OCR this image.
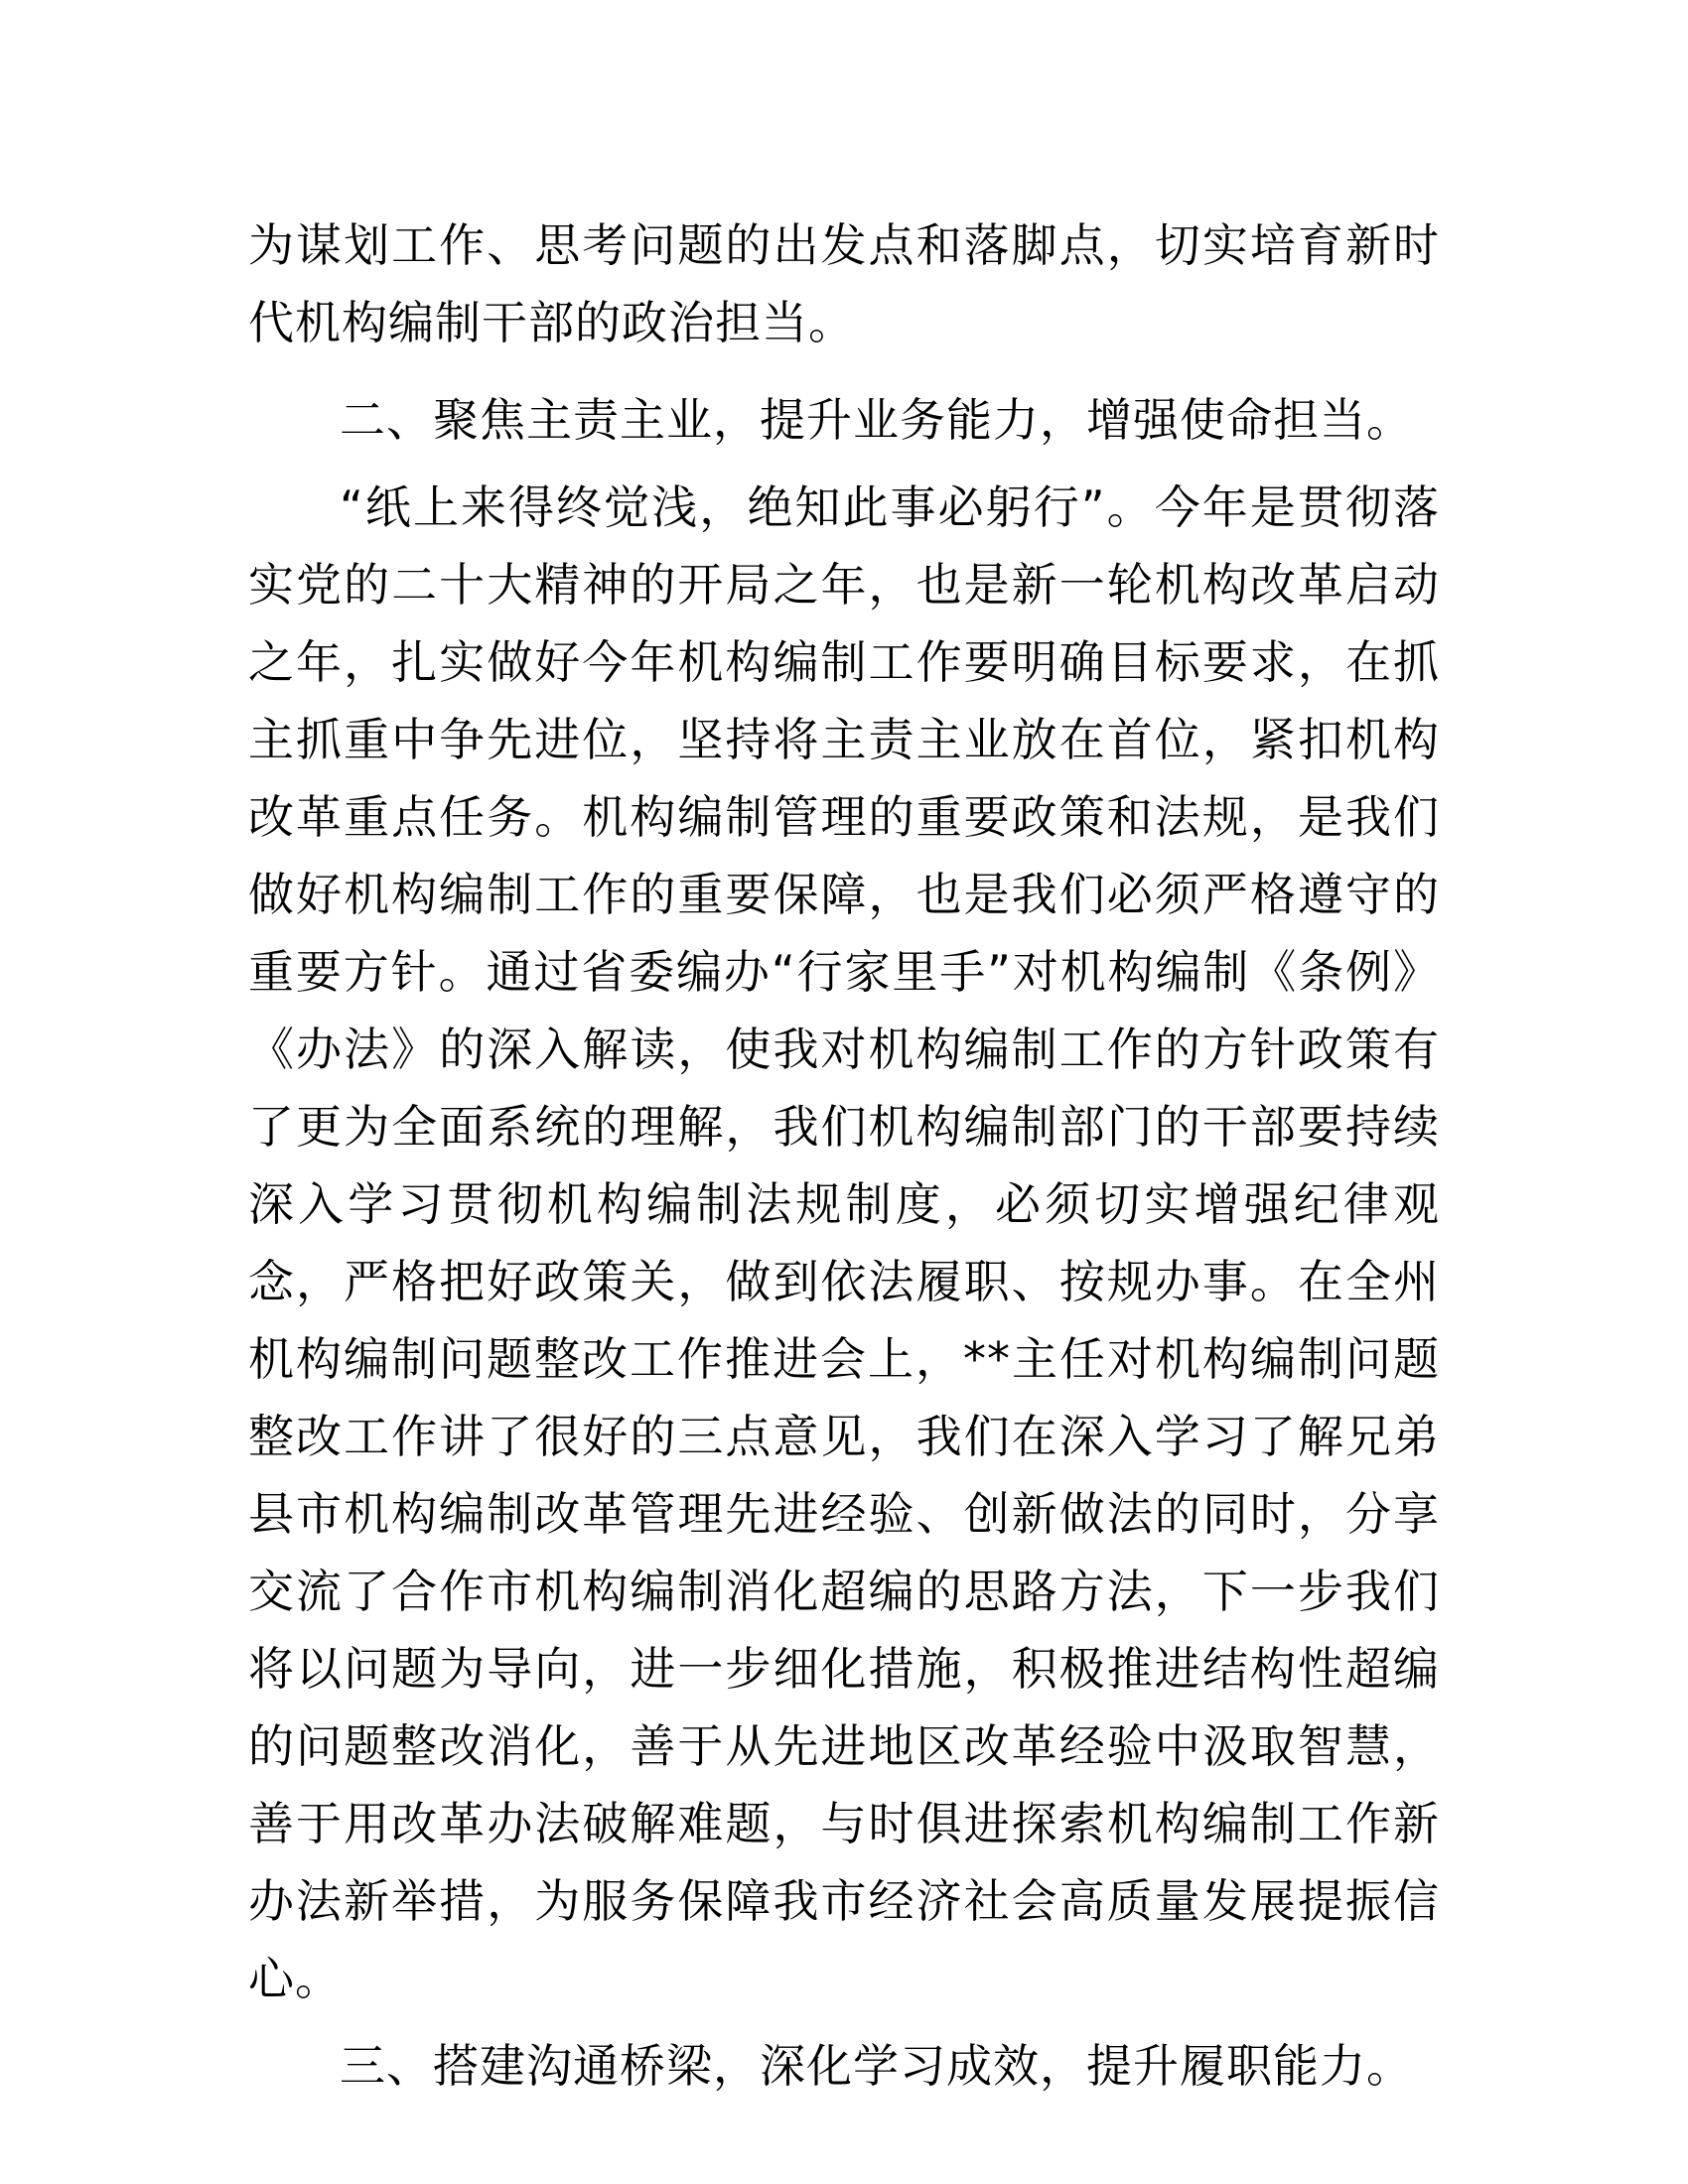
为谋划工作、思考问题的出发点和落脚点，切实培育新时代机构编制干部的政治担当。

二、聚焦主责主业，提升业务能力，增强使命担当。

“纸上来得终觉浅，绝知此事必躬行”。今年是贯彻落实党的二十大精神的开局之年，也是新一轮机构改革启动之年，扎实做好今年机构编制工作要明确目标要求，在抓主抓重中争先进位，坚持将主责主业放在首位，紧扣机构改革重点任务。机构编制管理的重要政策和法规，是我们做好机构编制工作的重要保障，也是我们必须严格遵守的重要方针。通过省委编办“行家里手”对机构编制《条例》《办法》的深入解读，使我对机构编制工作的方针政策有了更为全面系统的理解，我们机构编制部门的干部要持续深入学习贯彻机构编制法规制度，必须切实增强纪律观念，严格把好政策关，做到依法履职、按规办事。在全州机构编制问题整改工作推进会上，**主任对机构编制问题整改工作讲了很好的三点意见，我们在深入学习了解兄弟县市机构编制改革管理先进经验、创新做法的同时，分享交流了合作市机构编制消化超编的思路方法，下一步我们将以问题为导向，进一步细化措施，积极推进结构性超编的问题整改消化，善于从先进地区改革经验中汲取智慧，善于用改革办法破解难题，与时俱进探索机构编制工作新办法新举措，为服务保障我市经济社会高质量发展提振信心。

三、搭建沟通桥梁，深化学习成效，提升履职能力。
